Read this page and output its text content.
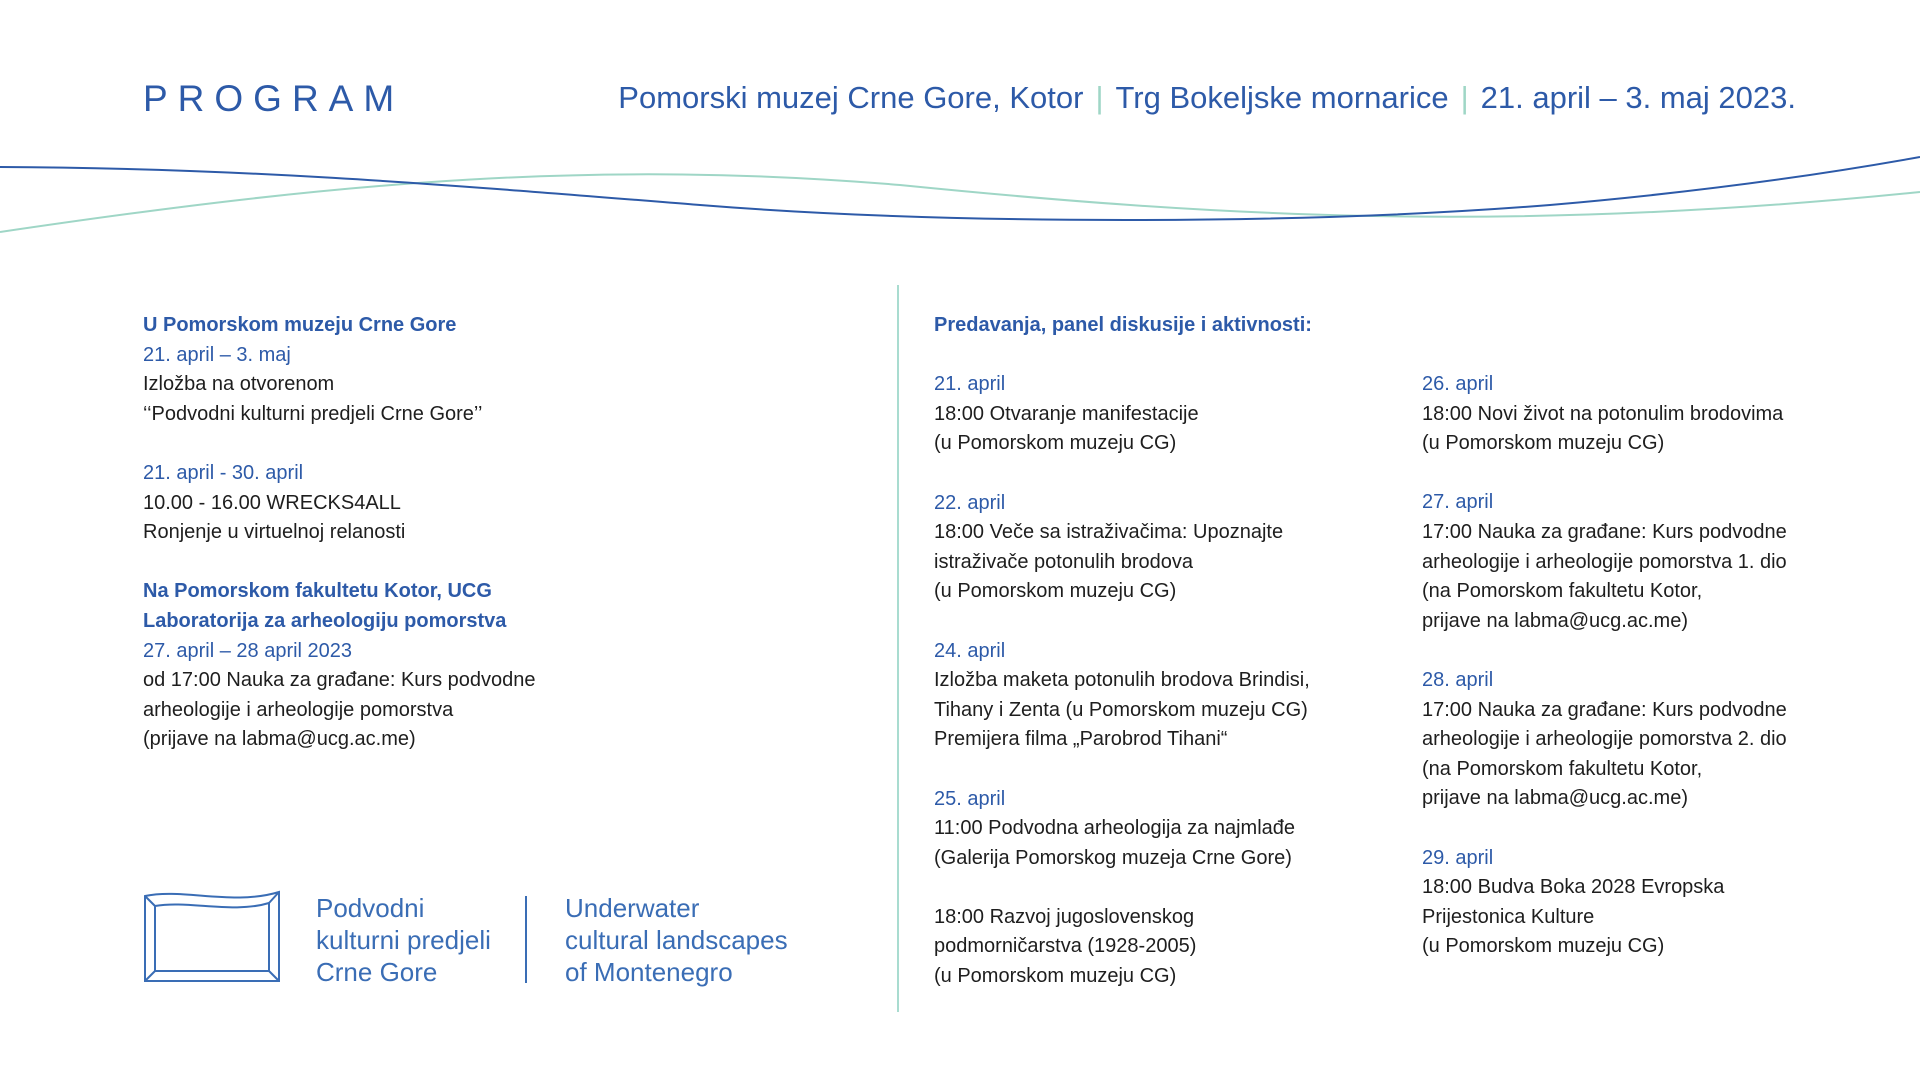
PROGRAM	Pomorski muzej Crne Gore, Kotor | Trg Bokeljske mornarice | 21. april – 3. maj 2023.

U Pomorskom muzeju Crne Gore

21. april – 3. maj

Izložba na otvorenom

‘‘Podvodni kulturni predjeli Crne Gore’’

21. april - 30. april

10.00 - 16.00 WRECKS4ALL

Ronjenje u virtuelnoj relanosti

Na Pomorskom fakultetu Kotor, UCG

Laboratorija za arheologiju pomorstva

27. april – 28 april 2023

od 17:00 Nauka za građane: Kurs podvodne

arheologije i arheologije pomorstva

(prijave na labma@ucg.ac.me)

Predavanja, panel diskusije i aktivnosti:

21. april

18:00 Otvaranje manifestacije

(u Pomorskom muzeju CG)

22. april

18:00 Veče sa istraživačima: Upoznajte

istraživače potonulih brodova

(u Pomorskom muzeju CG)

24. april

Izložba maketa potonulih brodova Brindisi,

Tihany i Zenta (u Pomorskom muzeju CG)

Premijera filma „Parobrod Tihani“

25. april

11:00 Podvodna arheologija za najmlađe

(Galerija Pomorskog muzeja Crne Gore)

18:00 Razvoj jugoslovenskog

podmorničarstva (1928-2005)

(u Pomorskom muzeju CG)

26. april

18:00 Novi život na potonulim brodovima

(u Pomorskom muzeju CG)

27. april

17:00 Nauka za građane: Kurs podvodne

arheologije i arheologije pomorstva 1. dio

(na Pomorskom fakultetu Kotor,

prijave na labma@ucg.ac.me)

28. april

17:00 Nauka za građane: Kurs podvodne

arheologije i arheologije pomorstva 2. dio

(na Pomorskom fakultetu Kotor,

prijave na labma@ucg.ac.me)

29. april

18:00 Budva Boka 2028 Evropska

Prijestonica Kulture

(u Pomorskom muzeju CG)

Podvodni
kulturni predjeli
Crne Gore
Underwater
cultural landscapes
of Montenegro
